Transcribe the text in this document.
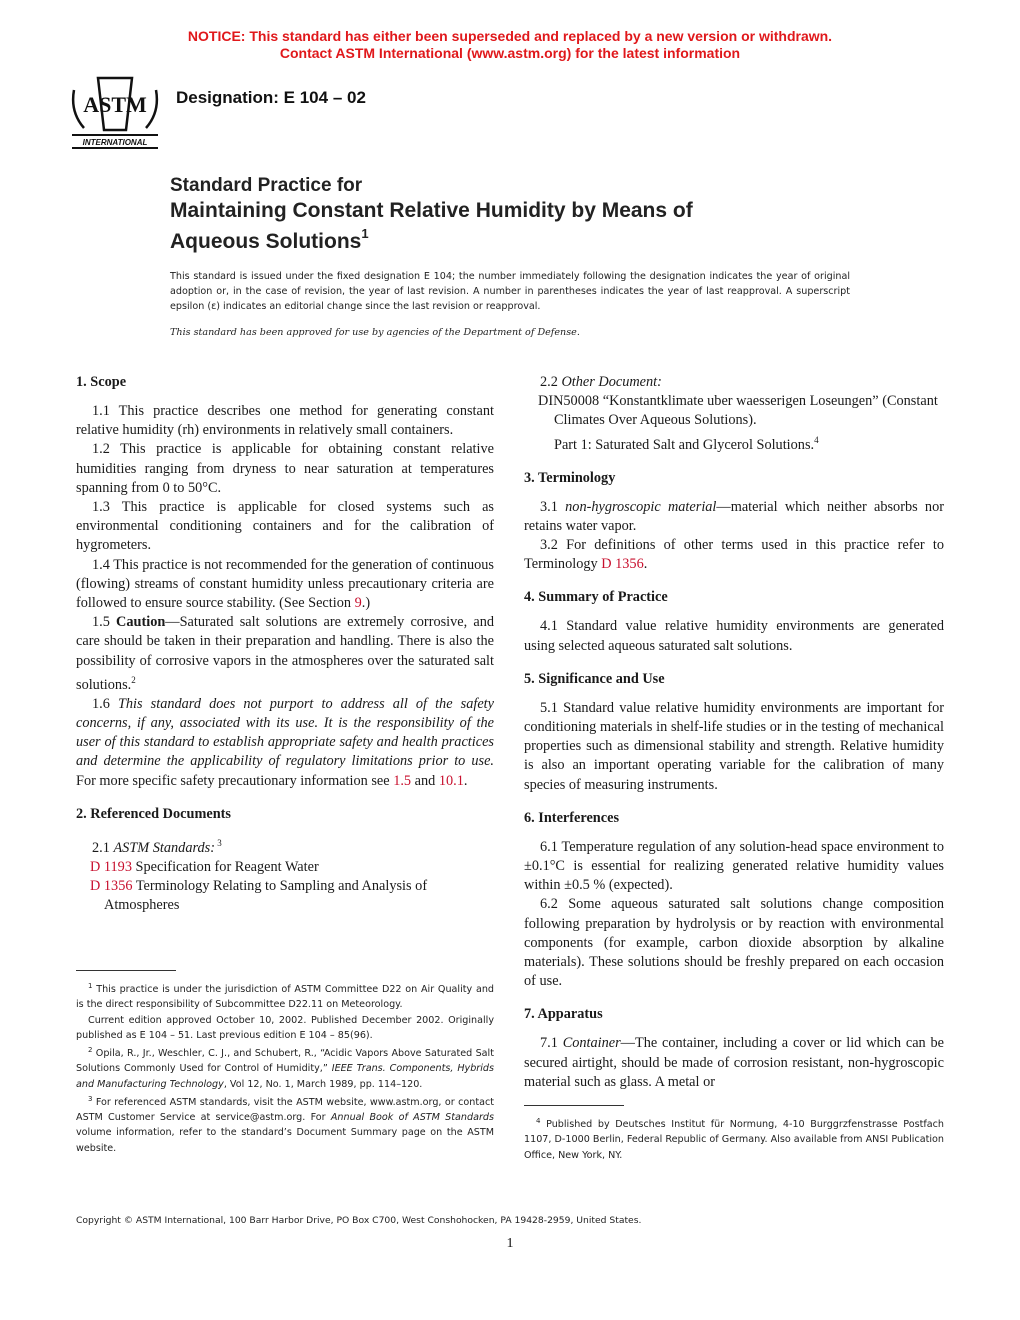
NOTICE: This standard has either been superseded and replaced by a new version or withdrawn.
Contact ASTM International (www.astm.org) for the latest information
ASTM
INTERNATIONAL
Designation: E 104 – 02
Standard Practice for
Maintaining Constant Relative Humidity by Means of
Aqueous Solutions$^1$
This standard is issued under the fixed designation E 104; the number immediately following the designation indicates the year of original adoption or, in the case of revision, the year of last revision. A number in parentheses indicates the year of last reapproval. A superscript epsilon (ε) indicates an editorial change since the last revision or reapproval.
This standard has been approved for use by agencies of the Department of Defense.
1. Scope

1.1 This practice describes one method for generating constant relative humidity (rh) environments in relatively small containers.

1.2 This practice is applicable for obtaining constant relative humidities ranging from dryness to near saturation at temperatures spanning from 0 to 50°C.

1.3 This practice is applicable for closed systems such as environmental conditioning containers and for the calibration of hygrometers.

1.4 This practice is not recommended for the generation of continuous (flowing) streams of constant humidity unless precautionary criteria are followed to ensure source stability. (See Section 9.)

1.5 Caution—Saturated salt solutions are extremely corrosive, and care should be taken in their preparation and handling. There is also the possibility of corrosive vapors in the atmospheres over the saturated salt solutions.$^2$

1.6 This standard does not purport to address all of the safety concerns, if any, associated with its use. It is the responsibility of the user of this standard to establish appropriate safety and health practices and determine the applicability of regulatory limitations prior to use. For more specific safety precautionary information see 1.5 and 10.1.

2. Referenced Documents

2.1 ASTM Standards: $^3$

D 1193 Specification for Reagent Water

D 1356 Terminology Relating to Sampling and Analysis of Atmospheres

$^1$ This practice is under the jurisdiction of ASTM Committee D22 on Air Quality and is the direct responsibility of Subcommittee D22.11 on Meteorology.

Current edition approved October 10, 2002. Published December 2002. Originally published as E 104 – 51. Last previous edition E 104 – 85(96).

$^2$ Opila, R., Jr., Weschler, C. J., and Schubert, R., “Acidic Vapors Above Saturated Salt Solutions Commonly Used for Control of Humidity,” IEEE Trans. Components, Hybrids and Manufacturing Technology, Vol 12, No. 1, March 1989, pp. 114–120.

$^3$ For referenced ASTM standards, visit the ASTM website, www.astm.org, or contact ASTM Customer Service at service@astm.org. For Annual Book of ASTM Standards volume information, refer to the standard’s Document Summary page on the ASTM website.

2.2 Other Document:

DIN50008 “Konstantklimate uber waesserigen Loseungen” (Constant Climates Over Aqueous Solutions).

Part 1: Saturated Salt and Glycerol Solutions.$^4$

3. Terminology

3.1 non-hygroscopic material—material which neither absorbs nor retains water vapor.

3.2 For definitions of other terms used in this practice refer to Terminology D 1356.

4. Summary of Practice

4.1 Standard value relative humidity environments are generated using selected aqueous saturated salt solutions.

5. Significance and Use

5.1 Standard value relative humidity environments are important for conditioning materials in shelf-life studies or in the testing of mechanical properties such as dimensional stability and strength. Relative humidity is also an important operating variable for the calibration of many species of measuring instruments.

6. Interferences

6.1 Temperature regulation of any solution-head space environment to ±0.1°C is essential for realizing generated relative humidity values within ±0.5 % (expected).

6.2 Some aqueous saturated salt solutions change composition following preparation by hydrolysis or by reaction with environmental components (for example, carbon dioxide absorption by alkaline materials). These solutions should be freshly prepared on each occasion of use.

7. Apparatus

7.1 Container—The container, including a cover or lid which can be secured airtight, should be made of corrosion resistant, non-hygroscopic material such as glass. A metal or

$^4$ Published by Deutsches Institut für Normung, 4-10 Burggrzfenstrasse Postfach 1107, D-1000 Berlin, Federal Republic of Germany. Also available from ANSI Publication Office, New York, NY.

Copyright © ASTM International, 100 Barr Harbor Drive, PO Box C700, West Conshohocken, PA 19428-2959, United States.
1
